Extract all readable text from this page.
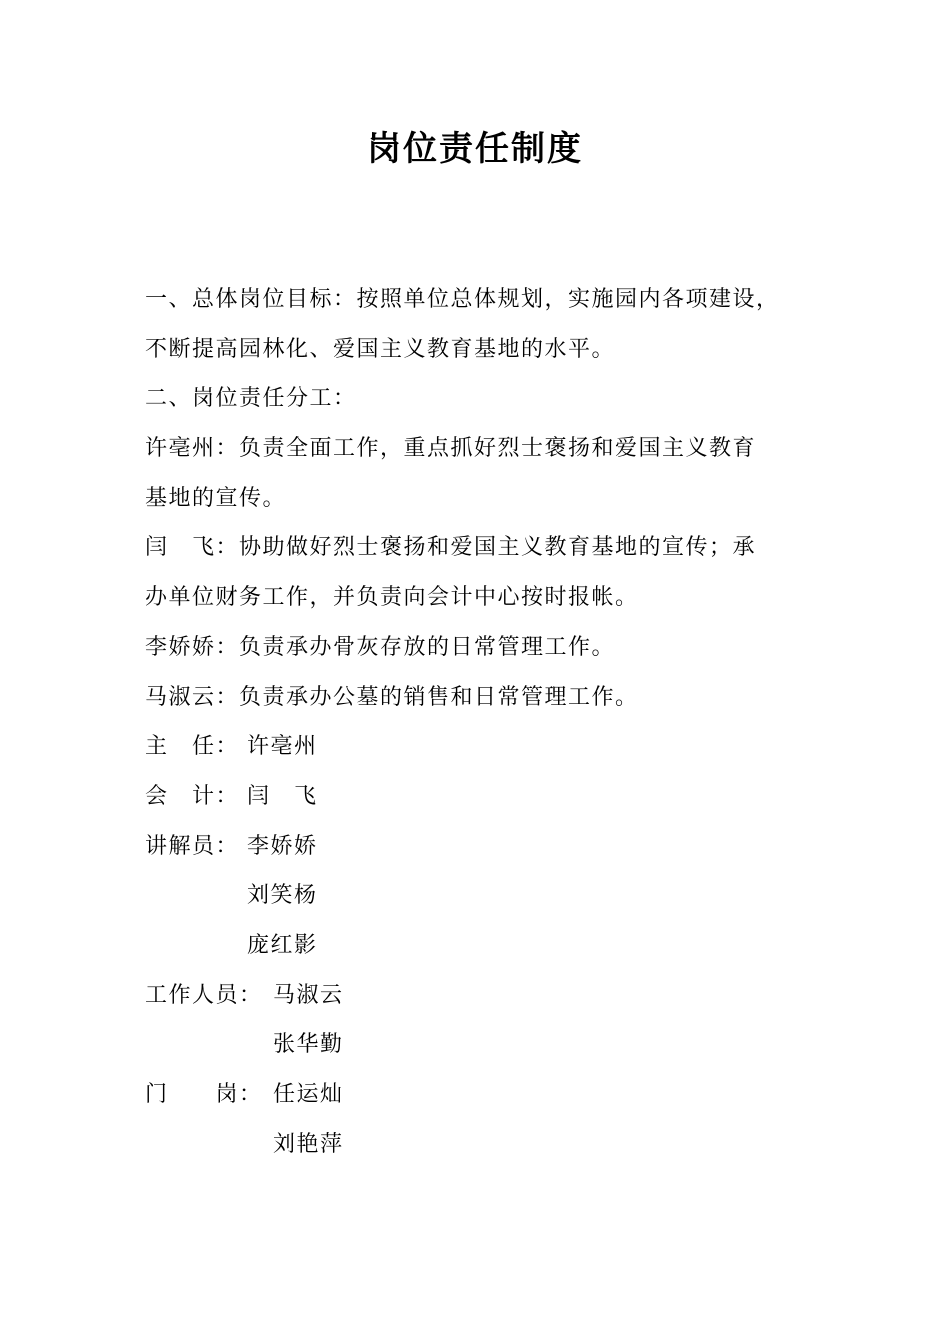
岗位责任制度
一、总体岗位目标：按照单位总体规划，实施园内各项建设，
不断提高园林化、爱国主义教育基地的水平。
二、岗位责任分工：
许亳州：负责全面工作，重点抓好烈士褒扬和爱国主义教育
基地的宣传。
闫　飞：协助做好烈士褒扬和爱国主义教育基地的宣传；承
办单位财务工作，并负责向会计中心按时报帐。
李娇娇：负责承办骨灰存放的日常管理工作。
马淑云：负责承办公墓的销售和日常管理工作。
主　任： 许亳州
会　计： 闫　飞
讲解员： 李娇娇
刘笑杨
庞红影
工作人员： 马淑云
张华勤
门　　岗： 任运灿
刘艳萍
